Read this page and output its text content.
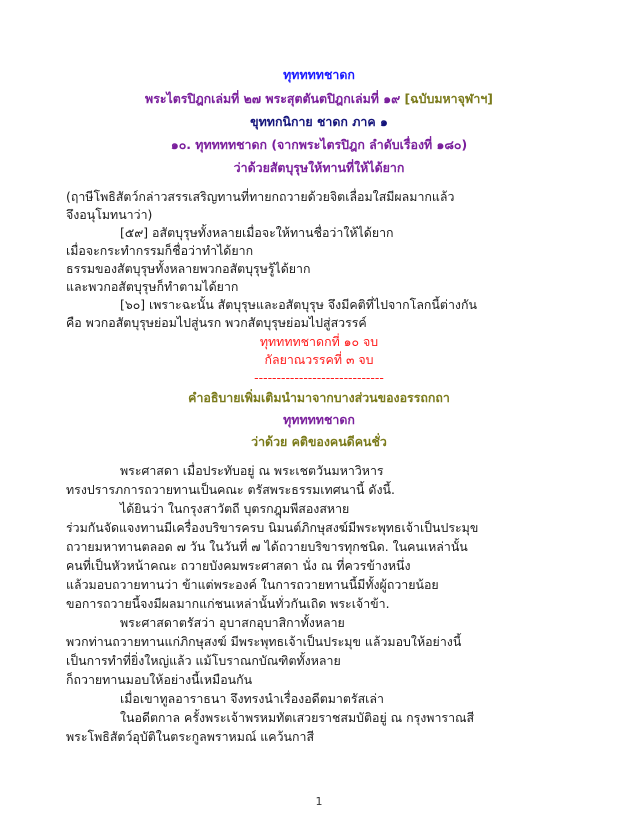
ทุททททชาดก
พระไตรปิฎกเล่มที่ ๒๗ พระสุตตันตปิฎกเล่มที่ ๑๙ [ฉบับมหาจุฬาฯ]
ขุททกนิกาย ชาดก ภาค ๑
๑๐. ทุททททชาดก (จากพระไตรปิฎก ลำดับเรื่องที่ ๑๘๐)
ว่าด้วยสัตบุรุษให้ทานที่ให้ได้ยาก
(ฤาษีโพธิสัตว์กล่าวสรรเสริญทานที่ทายกถวายด้วยจิตเลื่อมใสมีผลมากแล้ว
จึงอนุโมทนาว่า)
[๕๙] อสัตบุรุษทั้งหลายเมื่อจะให้ทานชื่อว่าให้ได้ยาก
เมื่อจะกระทำกรรมก็ชื่อว่าทำได้ยาก
ธรรมของสัตบุรุษทั้งหลายพวกอสัตบุรุษรู้ได้ยาก
และพวกอสัตบุรุษก็ทำตามได้ยาก
[๖๐] เพราะฉะนั้น สัตบุรุษและอสัตบุรุษ จึงมีคติที่ไปจากโลกนี้ต่างกัน
คือ พวกอสัตบุรุษย่อมไปสู่นรก พวกสัตบุรุษย่อมไปสู่สวรรค์
ทุททททชาดกที่ ๑๐ จบ
กัลยาณวรรคที่ ๓ จบ
-----------------------------
คำอธิบายเพิ่มเติมนำมาจากบางส่วนของอรรถกถา
ทุททททชาดก
ว่าด้วย คติของคนดีคนชั่ว
พระศาสดา เมื่อประทับอยู่ ณ พระเชตวันมหาวิหาร
ทรงปรารภการถวายทานเป็นคณะ ตรัสพระธรรมเทศนานี้ ดังนี้.
ได้ยินว่า ในกรุงสาวัตถี บุตรกฎุมพีสองสหาย
ร่วมกันจัดแจงทานมีเครื่องบริขารครบ นิมนต์ภิกษุสงฆ์มีพระพุทธเจ้าเป็นประมุข
ถวายมหาทานตลอด ๗ วัน ในวันที่ ๗ ได้ถวายบริขารทุกชนิด. ในคนเหล่านั้น
คนที่เป็นหัวหน้าคณะ ถวายบังคมพระศาสดา นั่ง ณ ที่ควรข้างหนึ่ง
แล้วมอบถวายทานว่า ข้าแต่พระองค์ ในการถวายทานนี้มีทั้งผู้ถวายน้อย
ขอการถวายนี้จงมีผลมากแก่ชนเหล่านั้นทั่วกันเถิด พระเจ้าข้า.
พระศาสดาตรัสว่า อุบาสกอุบาสิกาทั้งหลาย
พวกท่านถวายทานแก่ภิกษุสงฆ์ มีพระพุทธเจ้าเป็นประมุข แล้วมอบให้อย่างนี้
เป็นการทำที่ยิ่งใหญ่แล้ว แม้โบราณกบัณฑิตทั้งหลาย
ก็ถวายทานมอบให้อย่างนี้เหมือนกัน
เมื่อเขาทูลอาราธนา จึงทรงนำเรื่องอดีตมาตรัสเล่า
ในอดีตกาล ครั้งพระเจ้าพรหมทัตเสวยราชสมบัติอยู่ ณ กรุงพาราณสี
พระโพธิสัตว์อุบัติในตระกูลพราหมณ์ แคว้นกาสี
1
